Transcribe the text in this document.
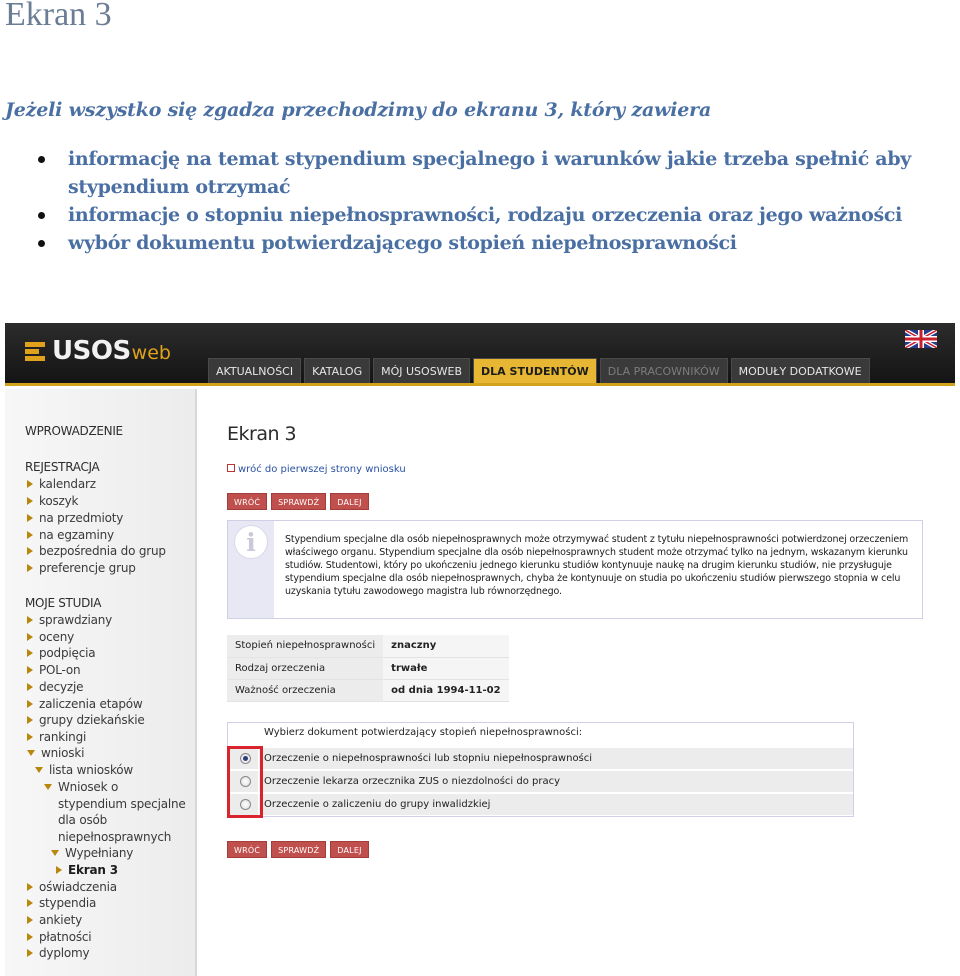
Ekran 3

Jeżeli wszystko się zgadza przechodzimy do ekranu 3, który zawiera

informację na temat stypendium specjalnego i warunków jakie trzeba spełnić aby stypendium otrzymać
informacje o stopniu niepełnosprawności, rodzaju orzeczenia oraz jego ważności
wybór dokumentu potwierdzającego stopień niepełnosprawności
USOS web
AKTUALNOŚCI	KATALOG	MÓJ USOSWEB	DLA STUDENTÓW	DLA PRACOWNIKÓW	MODUŁY DODATKOWE
WPROWADZENIE
REJESTRACJA
kalendarz
koszyk
na przedmioty
na egzaminy
bezpośrednia do grup
preferencje grup
MOJE STUDIA
sprawdziany
oceny
podpięcia
POL-on
decyzje
zaliczenia etapów
grupy dziekańskie
rankingi
wnioski
lista wniosków
Wniosek o
stypendium specjalne
dla osób
niepełnosprawnych
Wypełniany
Ekran 3
oświadczenia
stypendia
ankiety
płatności
dyplomy
Ekran 3
wróć do pierwszej strony wniosku
WRÓĆ	SPRAWDŹ	DALEJ
i	Stypendium specjalne dla osób niepełnosprawnych może otrzymywać student z tytułu niepełnosprawności potwierdzonej orzeczeniem właściwego organu. Stypendium specjalne dla osób niepełnosprawnych student może otrzymać tylko na jednym, wskazanym kierunku studiów. Studentowi, który po ukończeniu jednego kierunku studiów kontynuuje naukę na drugim kierunku studiów, nie przysługuje stypendium specjalne dla osób niepełnosprawnych, chyba że kontynuuje on studia po ukończeniu studiów pierwszego stopnia w celu uzyskania tytułu zawodowego magistra lub równorzędnego.
Stopień niepełnosprawności	znaczny
Rodzaj orzeczenia	trwałe
Ważność orzeczenia	od dnia 1994-11-02
Wybierz dokument potwierdzający stopień niepełnosprawności:
Orzeczenie o niepełnosprawności lub stopniu niepełnosprawności
Orzeczenie lekarza orzecznika ZUS o niezdolności do pracy
Orzeczenie o zaliczeniu do grupy inwalidzkiej
WRÓĆ	SPRAWDŹ	DALEJ
